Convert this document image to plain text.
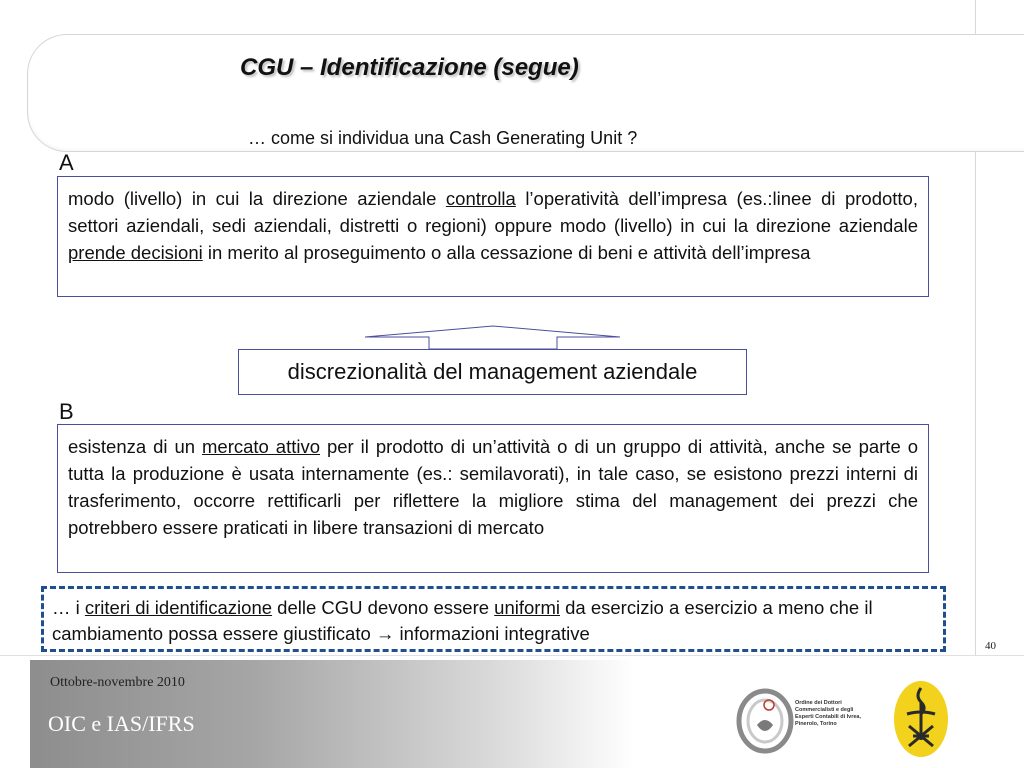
CGU – Identificazione (segue)
… come si individua una Cash Generating Unit ?
A
modo (livello) in cui la direzione aziendale controlla l’operatività dell’impresa (es.:linee di prodotto, settori aziendali, sedi aziendali, distretti o regioni) oppure modo (livello) in cui la direzione aziendale prende decisioni in merito al proseguimento o alla cessazione di beni e attività dell’impresa
discrezionalità del management aziendale
B
esistenza di un mercato attivo per il prodotto di un’attività o di un gruppo di attività, anche se parte o tutta la produzione è usata internamente (es.: semilavorati), in tale caso, se esistono prezzi interni di trasferimento, occorre rettificarli per riflettere la migliore stima del management dei prezzi che potrebbero essere praticati in libere transazioni di mercato
… i criteri di identificazione delle CGU devono essere uniformi da esercizio a esercizio a meno che il cambiamento possa essere giustificato → informazioni integrative
40
Ottobre-novembre 2010
OIC e IAS/IFRS
Ordine dei Dottori Commercialisti e degli Esperti Contabili di Ivrea, Pinerolo, Torino
